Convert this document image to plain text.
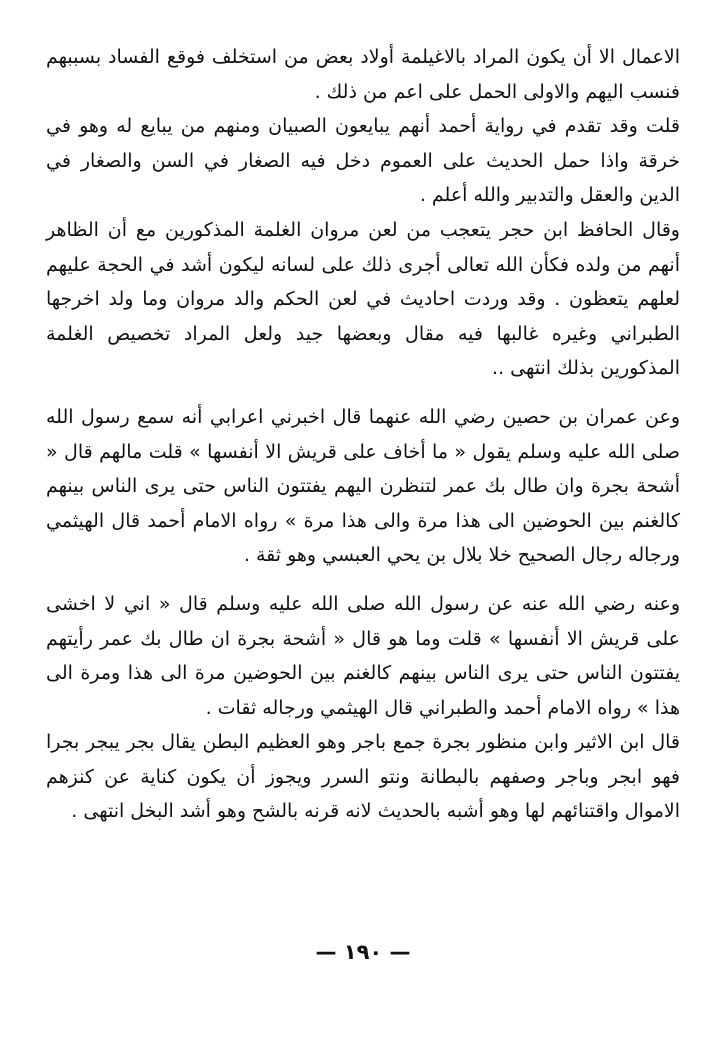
الاعمال الا أن يكون المراد بالاغيلمة أولاد بعض من استخلف فوقع الفساد بسببهم فنسب اليهم والاولى الحمل على اعم من ذلك .

قلت وقد تقدم في رواية أحمد أنهم يبايعون الصبيان ومنهم من يبايع له وهو في خرقة واذا حمل الحديث على العموم دخل فيه الصغار في السن والصغار في الدين والعقل والتدبير والله أعلم .

وقال الحافظ ابن حجر يتعجب من لعن مروان الغلمة المذكورين مع أن الظاهر أنهم من ولده فكأن الله تعالى أجرى ذلك على لسانه ليكون أشد في الحجة عليهم لعلهم يتعظون . وقد وردت احاديث في لعن الحكم والد مروان وما ولد اخرجها الطبراني وغيره غالبها فيه مقال وبعضها جيد ولعل المراد تخصيص الغلمة المذكورين بذلك انتهى ..

وعن عمران بن حصين رضي الله عنهما قال اخبرني اعرابي أنه سمع رسول الله صلى الله عليه وسلم يقول « ما أخاف على قريش الا أنفسها » قلت مالهم قال « أشحة بجرة وان طال بك عمر لتنظرن اليهم يفتتون الناس حتى يرى الناس بينهم كالغنم بين الحوضين الى هذا مرة والى هذا مرة » رواه الامام أحمد قال الهيثمي ورجاله رجال الصحيح خلا بلال بن يحي العبسي وهو ثقة .

وعنه رضي الله عنه عن رسول الله صلى الله عليه وسلم قال « اني لا اخشى على قريش الا أنفسها » قلت وما هو قال « أشحة بجرة ان طال بك عمر رأيتهم يفتتون الناس حتى يرى الناس بينهم كالغنم بين الحوضين مرة الى هذا ومرة الى هذا » رواه الامام أحمد والطبراني قال الهيثمي ورجاله ثقات .

قال ابن الاثير وابن منظور بجرة جمع باجر وهو العظيم البطن يقال بجر يبجر بجرا فهو ابجر وباجر وصفهم بالبطانة ونتو السرر ويجوز أن يكون كناية عن كنزهم الاموال واقتنائهم لها وهو أشبه بالحديث لانه قرنه بالشح وهو أشد البخل انتهى .

— ١٩٠ —
